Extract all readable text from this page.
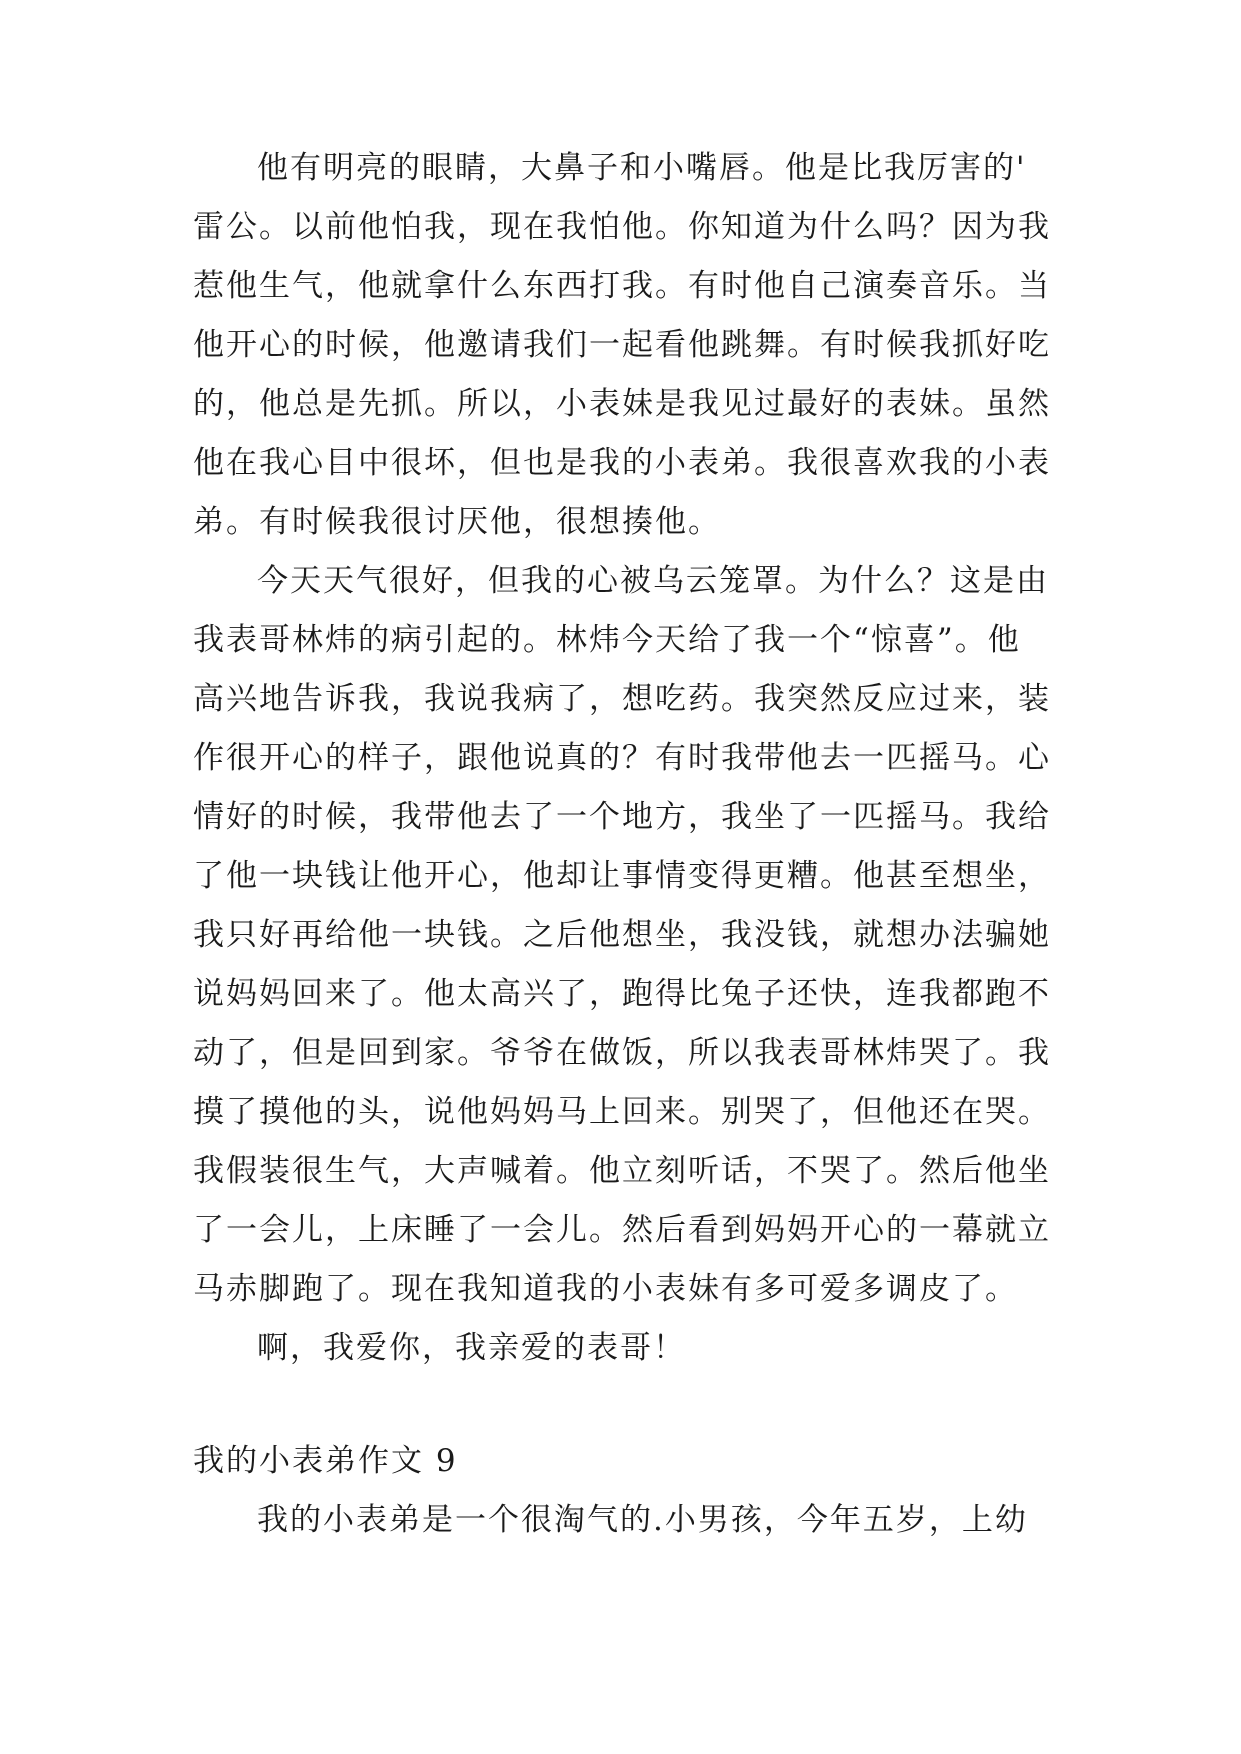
他有明亮的眼睛，大鼻子和小嘴唇。他是比我厉害的'
雷公。以前他怕我，现在我怕他。你知道为什么吗？因为我
惹他生气，他就拿什么东西打我。有时他自己演奏音乐。当
他开心的时候，他邀请我们一起看他跳舞。有时候我抓好吃
的，他总是先抓。所以，小表妹是我见过最好的表妹。虽然
他在我心目中很坏，但也是我的小表弟。我很喜欢我的小表
弟。有时候我很讨厌他，很想揍他。
今天天气很好，但我的心被乌云笼罩。为什么？这是由
我表哥林炜的病引起的。林炜今天给了我一个“惊喜”。他
高兴地告诉我，我说我病了，想吃药。我突然反应过来，装
作很开心的样子，跟他说真的？有时我带他去一匹摇马。心
情好的时候，我带他去了一个地方，我坐了一匹摇马。我给
了他一块钱让他开心，他却让事情变得更糟。他甚至想坐，
我只好再给他一块钱。之后他想坐，我没钱，就想办法骗她
说妈妈回来了。他太高兴了，跑得比兔子还快，连我都跑不
动了，但是回到家。爷爷在做饭，所以我表哥林炜哭了。我
摸了摸他的头，说他妈妈马上回来。别哭了，但他还在哭。
我假装很生气，大声喊着。他立刻听话，不哭了。然后他坐
了一会儿，上床睡了一会儿。然后看到妈妈开心的一幕就立
马赤脚跑了。现在我知道我的小表妹有多可爱多调皮了。
啊，我爱你，我亲爱的表哥！
我的小表弟作文 9
我的小表弟是一个很淘气的.小男孩，今年五岁，上幼
